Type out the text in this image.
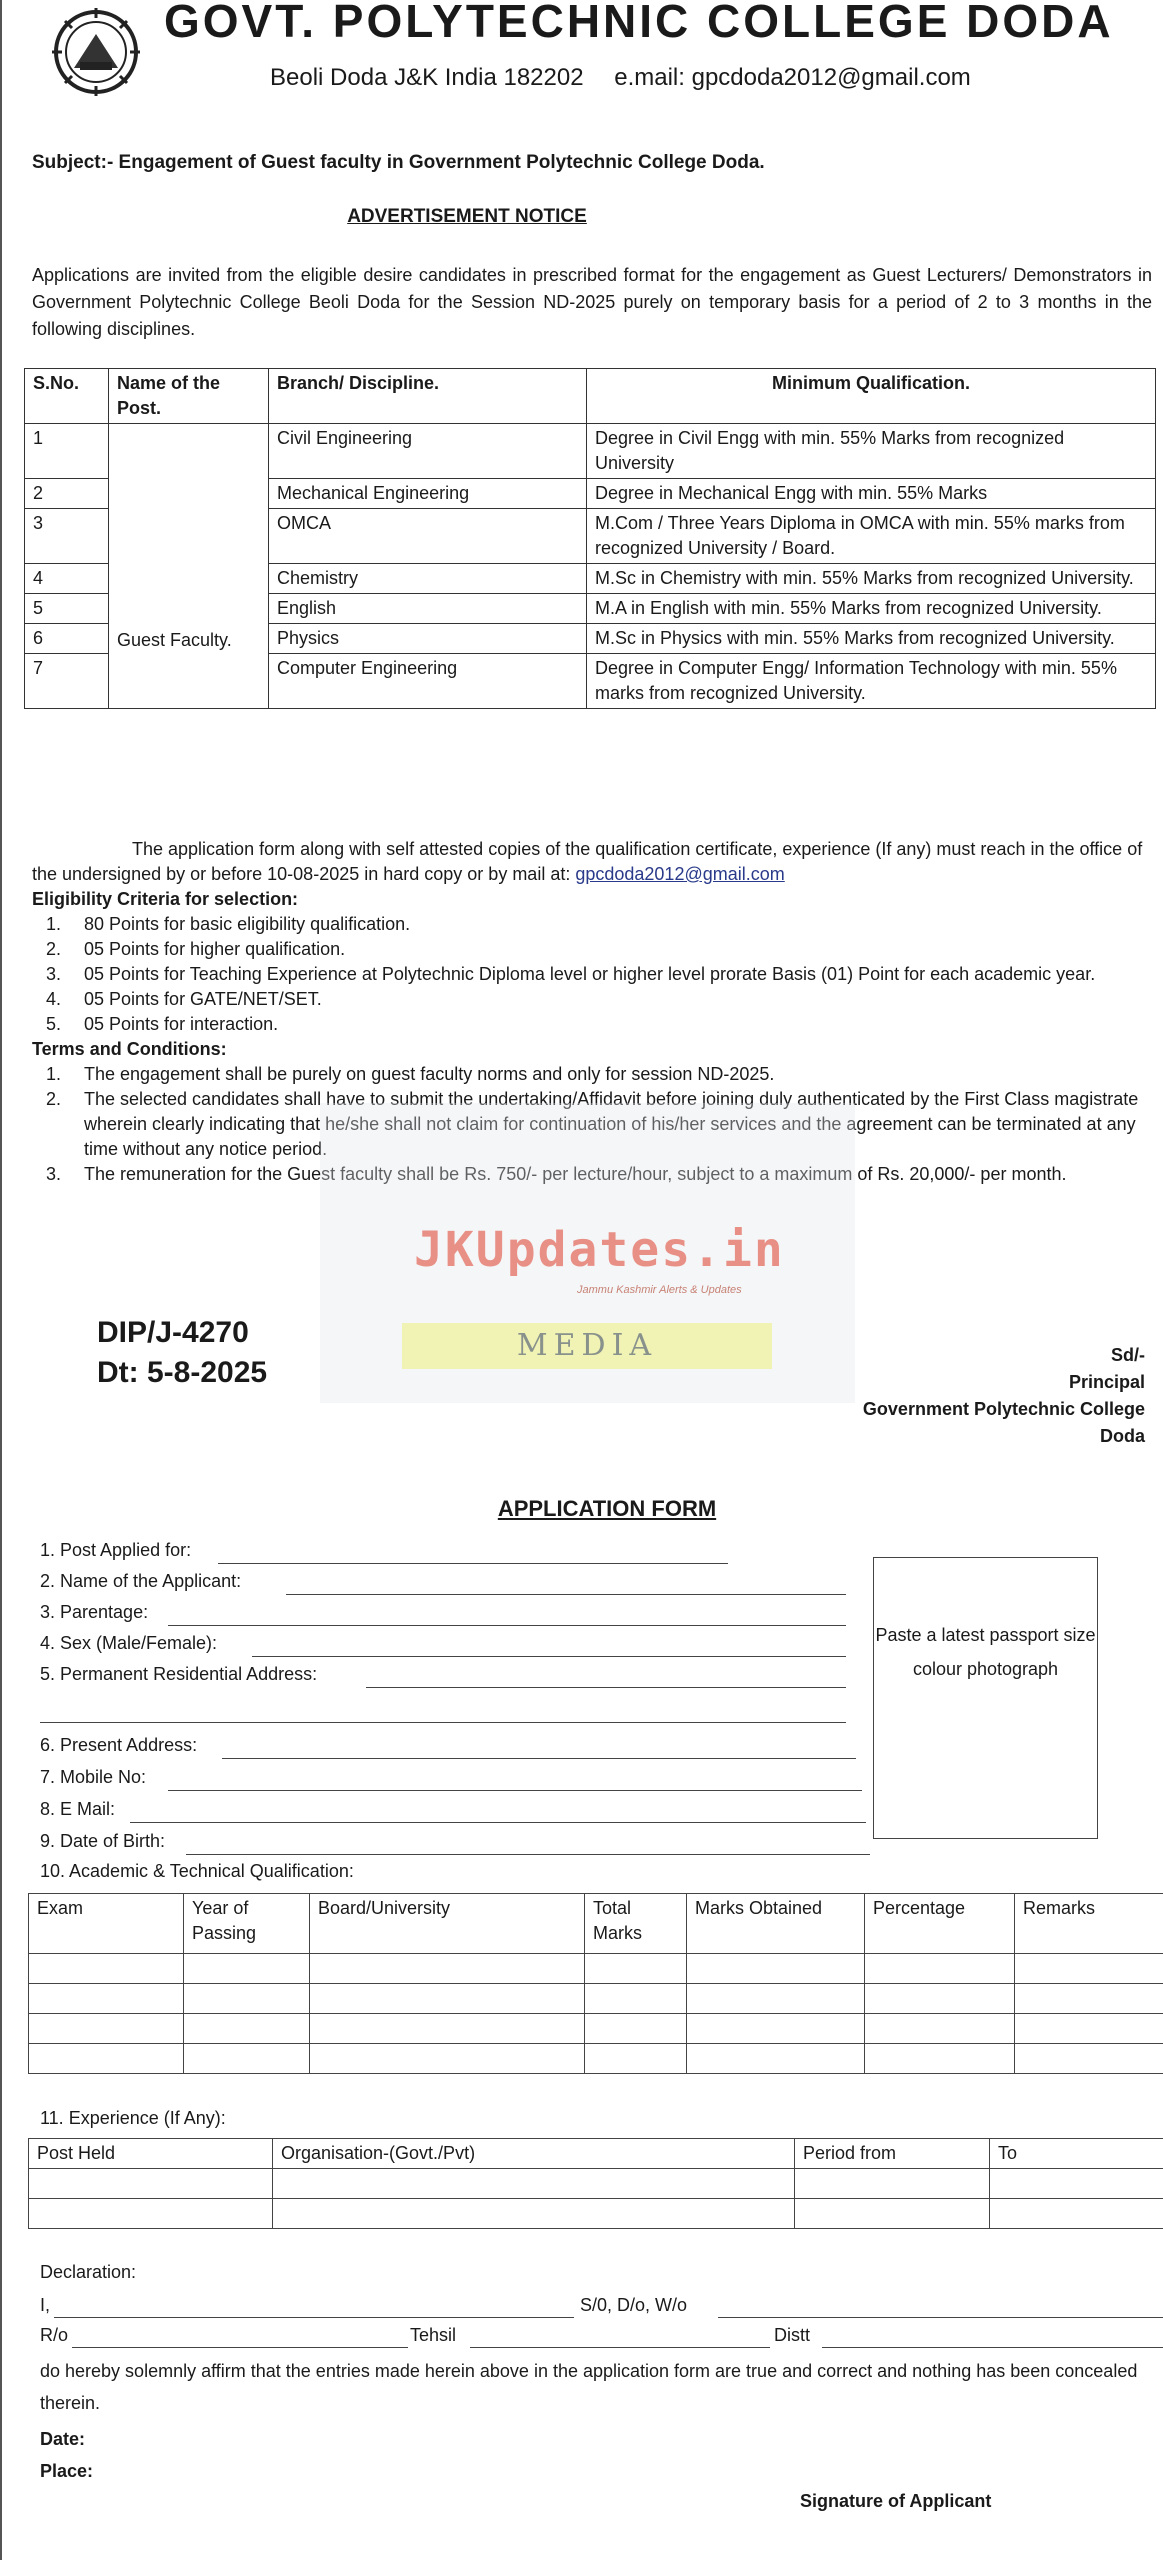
GOVT. POLYTECHNIC COLLEGE DODA
Beoli Doda J&K India 182202 e.mail: gpcdoda2012@gmail.com
Subject:- Engagement of Guest faculty in Government Polytechnic College Doda.
ADVERTISEMENT NOTICE
Applications are invited from the eligible desire candidates in prescribed format for the engagement as Guest Lecturers/ Demonstrators in Government Polytechnic College Beoli Doda for the Session ND-2025 purely on temporary basis for a period of 2 to 3 months in the following disciplines.
S.No.	Name of the Post.	Branch/ Discipline.	Minimum Qualification.
1	Guest Faculty.	Civil Engineering	Degree in Civil Engg with min. 55% Marks from recognized University
2		Mechanical Engineering	Degree in Mechanical Engg with min. 55% Marks
3		OMCA	M.Com / Three Years Diploma in OMCA with min. 55% marks from recognized University / Board.
4		Chemistry	M.Sc in Chemistry with min. 55% Marks from recognized University.
5		English	M.A in English with min. 55% Marks from recognized University.
6		Physics	M.Sc in Physics with min. 55% Marks from recognized University.
7		Computer Engineering	Degree in Computer Engg/ Information Technology with min. 55% marks from recognized University.

The application form along with self attested copies of the qualification certificate, experience (If any) must reach in the office of the undersigned by or before 10-08-2025 in hard copy or by mail at: gpcdoda2012@gmail.com

Eligibility Criteria for selection:
1. 80 Points for basic eligibility qualification.
2. 05 Points for higher qualification.
3. 05 Points for Teaching Experience at Polytechnic Diploma level or higher level prorate Basis (01) Point for each academic year.
4. 05 Points for GATE/NET/SET.
5. 05 Points for interaction.
Terms and Conditions:
1. The engagement shall be purely on guest faculty norms and only for session ND-2025.
2. The selected candidates shall have to submit the undertaking/Affidavit before joining duly authenticated by the First Class magistrate wherein clearly indicating that he/she shall not claim for continuation of his/her services and the agreement can be terminated at any time without any notice period.
3. The remuneration for the Guest faculty shall be Rs. 750/- per lecture/hour, subject to a maximum of Rs. 20,000/- per month.
JKUpdates.in
Jammu Kashmir Alerts & Updates
MEDIA
DIP/J-4270
Dt: 5-8-2025
Sd/-
Principal
Government Polytechnic College
Doda
APPLICATION FORM
1. Post Applied for:
2. Name of the Applicant:
3. Parentage:
4. Sex (Male/Female):
5. Permanent Residential Address:
6. Present Address:
7. Mobile No:
8. E Mail:
9. Date of Birth:
10. Academic & Technical Qualification:
Paste a latest passport size colour photograph
Exam	Year of Passing	Board/University	Total Marks	Marks Obtained	Percentage	Remarks

11. Experience (If Any):
Post Held	Organisation-(Govt./Pvt)	Period from	To

Declaration:
I,	S/0, D/o, W/o
R/o	Tehsil	Distt
do hereby solemnly affirm that the entries made herein above in the application form are true and correct and nothing has been concealed therein.
Date:
Place:
Signature of Applicant
